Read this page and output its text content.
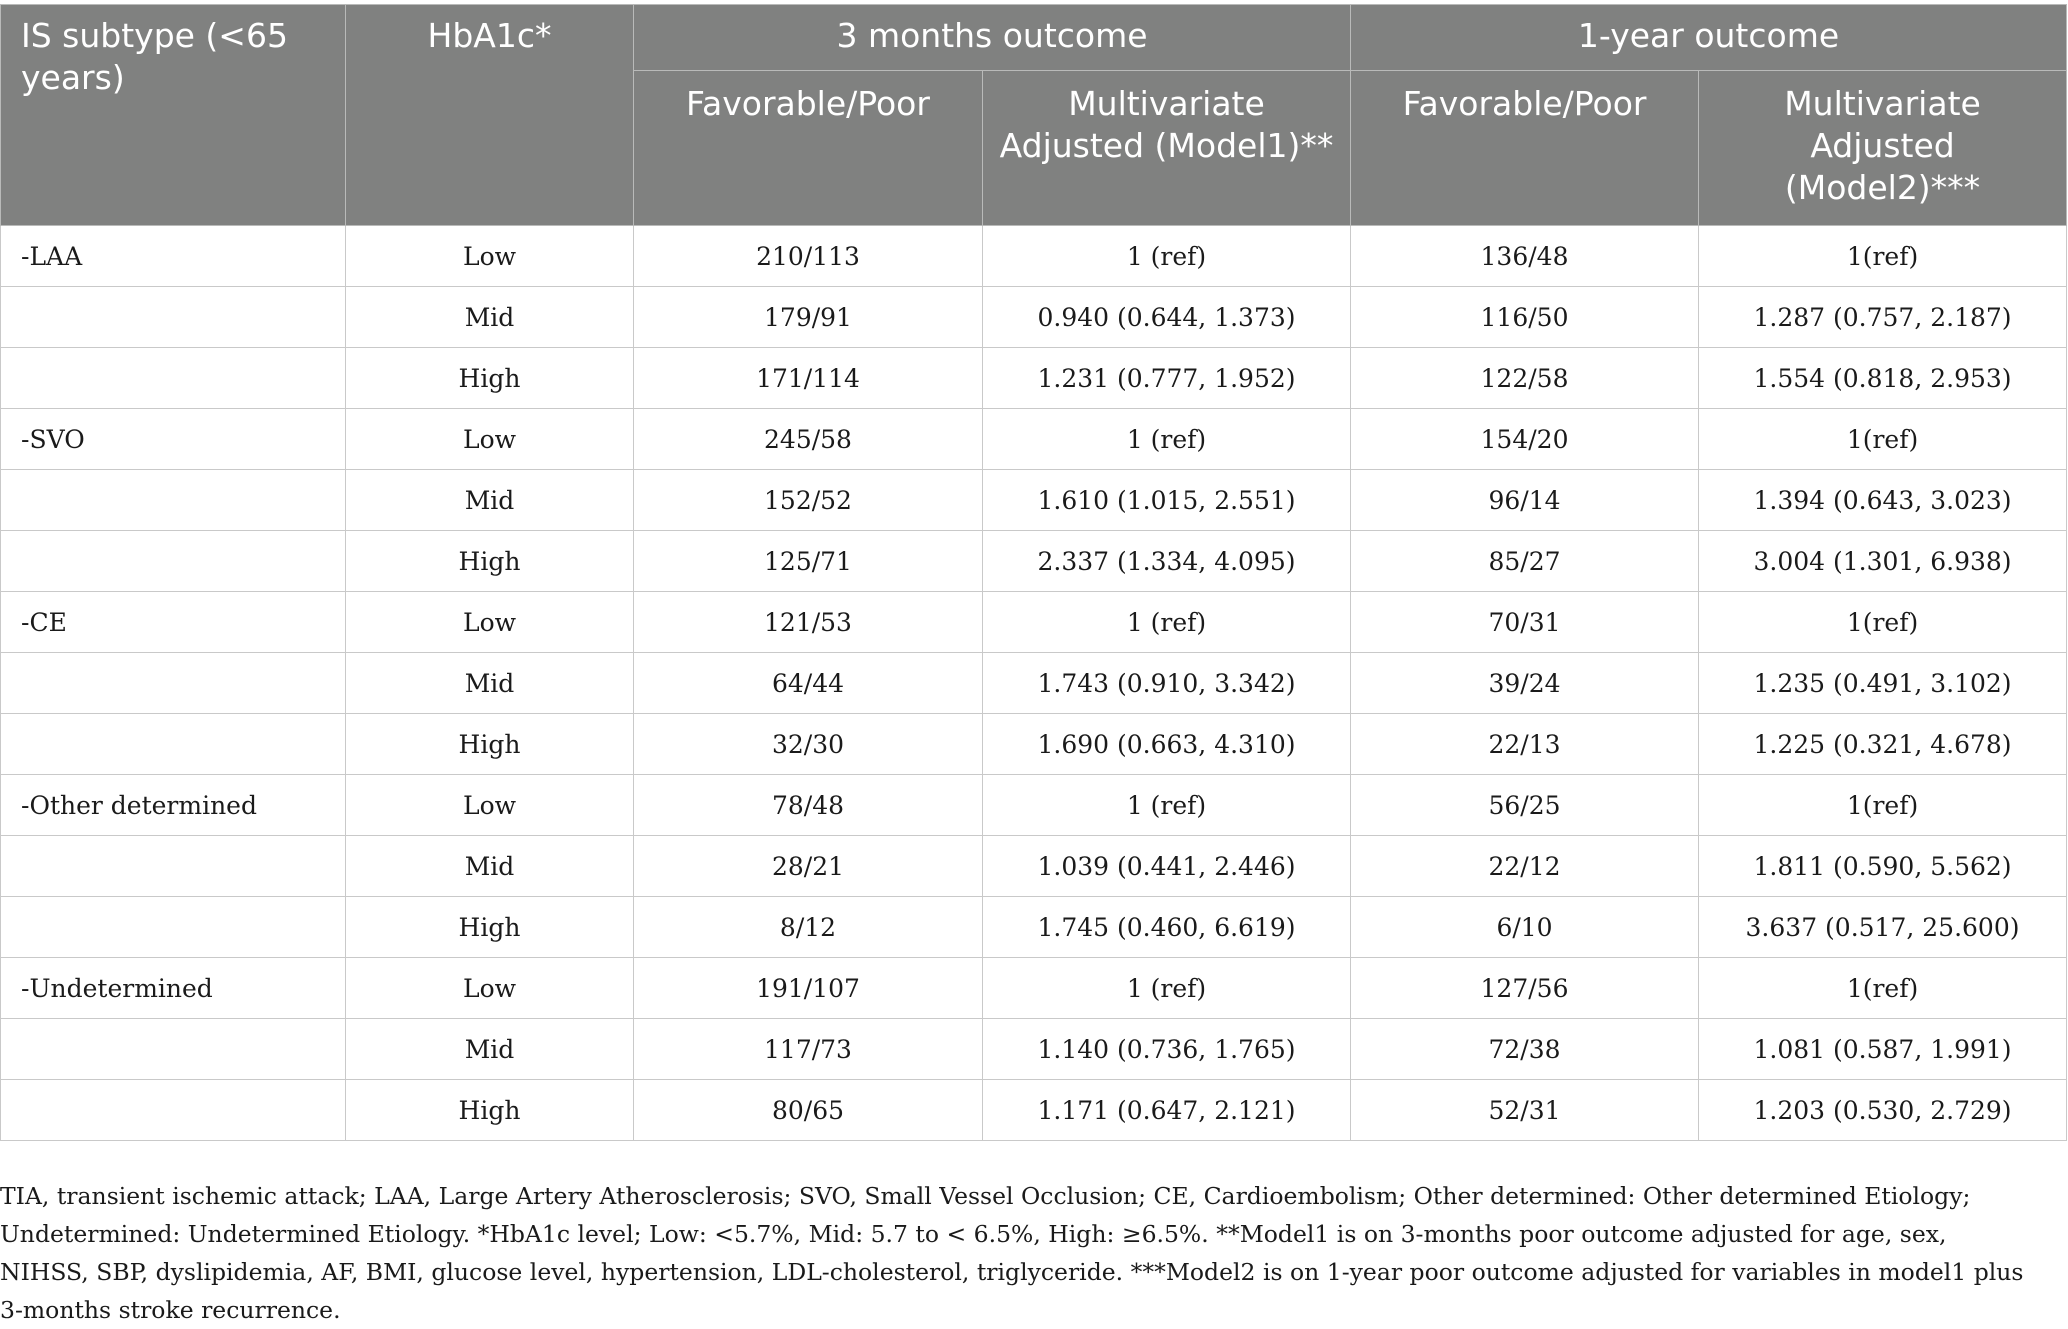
IS subtype (<65 years)	HbA1c*	3 months outcome		1-year outcome	
		Favorable/Poor	Multivariate Adjusted (Model1)**	Favorable/Poor	Multivariate Adjusted (Model2)***
-LAA	Low	210/113	1 (ref)	136/48	1(ref)
	Mid	179/91	0.940 (0.644, 1.373)	116/50	1.287 (0.757, 2.187)
	High	171/114	1.231 (0.777, 1.952)	122/58	1.554 (0.818, 2.953)
-SVO	Low	245/58	1 (ref)	154/20	1(ref)
	Mid	152/52	1.610 (1.015, 2.551)	96/14	1.394 (0.643, 3.023)
	High	125/71	2.337 (1.334, 4.095)	85/27	3.004 (1.301, 6.938)
-CE	Low	121/53	1 (ref)	70/31	1(ref)
	Mid	64/44	1.743 (0.910, 3.342)	39/24	1.235 (0.491, 3.102)
	High	32/30	1.690 (0.663, 4.310)	22/13	1.225 (0.321, 4.678)
-Other determined	Low	78/48	1 (ref)	56/25	1(ref)
	Mid	28/21	1.039 (0.441, 2.446)	22/12	1.811 (0.590, 5.562)
	High	8/12	1.745 (0.460, 6.619)	6/10	3.637 (0.517, 25.600)
-Undetermined	Low	191/107	1 (ref)	127/56	1(ref)
	Mid	117/73	1.140 (0.736, 1.765)	72/38	1.081 (0.587, 1.991)
	High	80/65	1.171 (0.647, 2.121)	52/31	1.203 (0.530, 2.729)

TIA, transient ischemic attack; LAA, Large Artery Atherosclerosis; SVO, Small Vessel Occlusion; CE, Cardioembolism; Other determined: Other determined Etiology; Undetermined: Undetermined Etiology. *HbA1c level; Low: <5.7%, Mid: 5.7 to < 6.5%, High: ≥6.5%. **Model1 is on 3-months poor outcome adjusted for age, sex, NIHSS, SBP, dyslipidemia, AF, BMI, glucose level, hypertension, LDL-cholesterol, triglyceride. ***Model2 is on 1-year poor outcome adjusted for variables in model1 plus 3-months stroke recurrence.
